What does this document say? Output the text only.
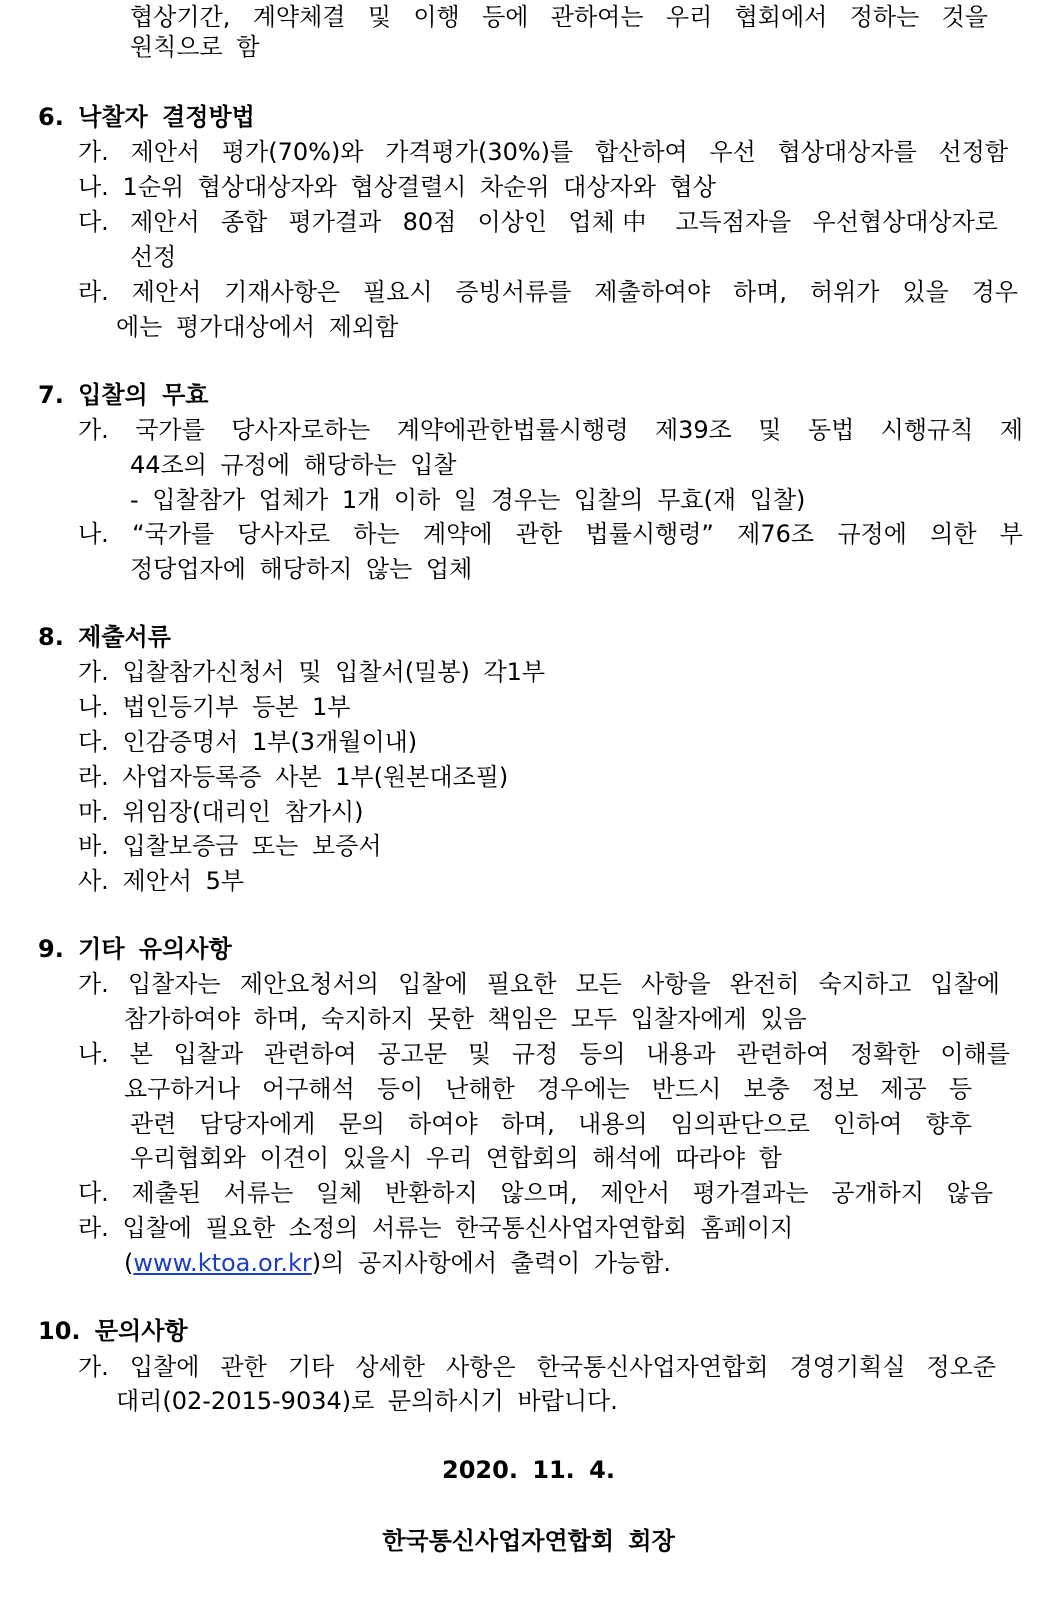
협상기간, 계약체결 및 이행 등에 관하여는 우리 협회에서 정하는 것을
원칙으로 함
6. 낙찰자 결정방법
가. 제안서 평가(70%)와 가격평가(30%)를 합산하여 우선 협상대상자를 선정함
나. 1순위 협상대상자와 협상결렬시 차순위 대상자와 협상
다. 제안서 종합 평가결과 80점 이상인 업체中 고득점자을 우선협상대상자로
선정
라. 제안서 기재사항은 필요시 증빙서류를 제출하여야 하며, 허위가 있을 경우
에는 평가대상에서 제외함
7. 입찰의 무효
가. 국가를 당사자로하는 계약에관한법률시행령 제39조 및 동법 시행규칙 제
44조의 규정에 해당하는 입찰
- 입찰참가 업체가 1개 이하 일 경우는 입찰의 무효(재 입찰)
나. “국가를 당사자로 하는 계약에 관한 법률시행령” 제76조 규정에 의한 부
정당업자에 해당하지 않는 업체
8. 제출서류
가. 입찰참가신청서 및 입찰서(밀봉) 각1부
나. 법인등기부 등본 1부
다. 인감증명서 1부(3개월이내)
라. 사업자등록증 사본 1부(원본대조필)
마. 위임장(대리인 참가시)
바. 입찰보증금 또는 보증서
사. 제안서 5부
9. 기타 유의사항
가. 입찰자는 제안요청서의 입찰에 필요한 모든 사항을 완전히 숙지하고 입찰에
참가하여야 하며, 숙지하지 못한 책임은 모두 입찰자에게 있음
나. 본 입찰과 관련하여 공고문 및 규정 등의 내용과 관련하여 정확한 이해를
요구하거나 어구해석 등이 난해한 경우에는 반드시 보충 정보 제공 등
관련 담당자에게 문의 하여야 하며, 내용의 임의판단으로 인하여 향후
우리협회와 이견이 있을시 우리 연합회의 해석에 따라야 함
다. 제출된 서류는 일체 반환하지 않으며, 제안서 평가결과는 공개하지 않음
라. 입찰에 필요한 소정의 서류는 한국통신사업자연합회 홈페이지
(www.ktoa.or.kr)의 공지사항에서 출력이 가능함.
10. 문의사항
가. 입찰에 관한 기타 상세한 사항은 한국통신사업자연합회 경영기획실 정오준
대리(02-2015-9034)로 문의하시기 바랍니다.
2020. 11. 4.
한국통신사업자연합회 회장
